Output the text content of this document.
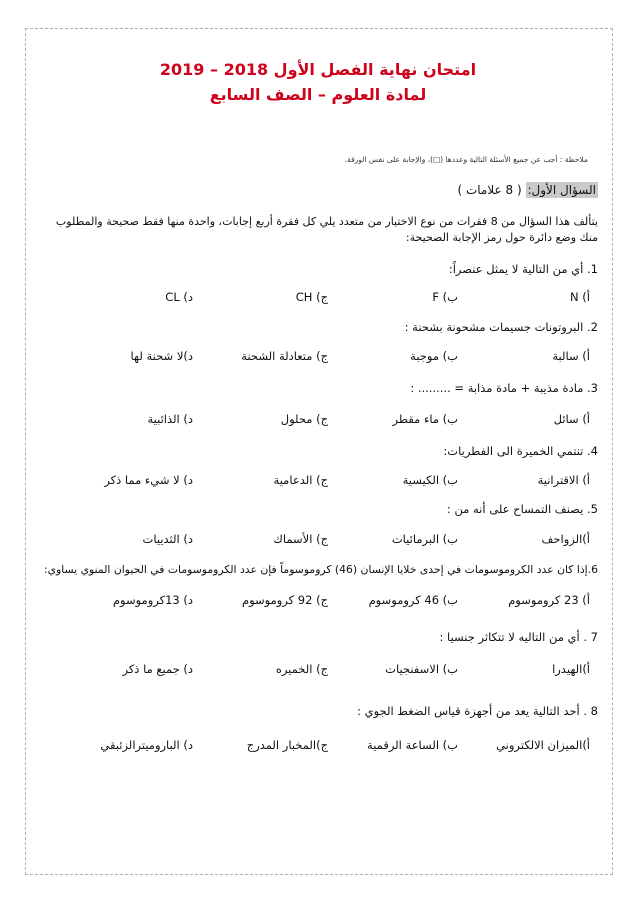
امتحان نهاية الفصل الأول 2018 – 2019
لمادة العلوم – الصف السابع
ملاحظة : أجب عن جميع الأسئلة التالية وعددها (□)، والإجابة على نفس الورقة.
السؤال الأول: ( 8 علامات )
يتألف هذا السؤال من 8 فقرات من نوع الاختيار من متعدد يلي كل فقرة أربع إجابات، واحدة منها فقط صحيحة والمطلوب منك وضع دائرة حول رمز الإجابة الصحيحة:
1. أي من التالية لا يمثل عنصراً:
أ) N
ب) F
ج) CH
د) CL
2. البروتونات جسيمات مشحونة بشحنة :
أ) سالبة
ب) موجبة
ج) متعادلة الشحنة
د)لا شحنة لها
3. مادة مذيبة + مادة مذابة = ......... :
أ) سائل
ب) ماء مقطر
ج) محلول
د) الذائبية
4. تنتمي الخميرة الى الفطريات:
أ) الاقترانية
ب) الكيسية
ج) الدعامية
د) لا شيء مما ذكر
5. يصنف التمساح على أنه من :
أ)الزواحف
ب) البرمائيات
ج) الأسماك
د) الثدييات
6.إذا كان عدد الكروموسومات في إحدى خلايا الإنسان (46) كروموسوماً فإن عدد الكروموسومات في الحيوان المنوي يساوي:
أ) 23 كروموسوم
ب) 46 كروموسوم
ج) 92 كروموسوم
د) 13كروموسوم
7 . أي من التاليه لا تتكاثر جنسيا :
أ)الهيدرا
ب) الاسفنجيات
ج) الخميره
د) جميع ما ذكر
8 . أحد التالية يعد من أجهزة قياس الضغط الجوي :
أ)الميزان الالكتروني
ب) الساعة الرقمية
ج)المخبار المدرج
د) الباروميترالزئبقي
